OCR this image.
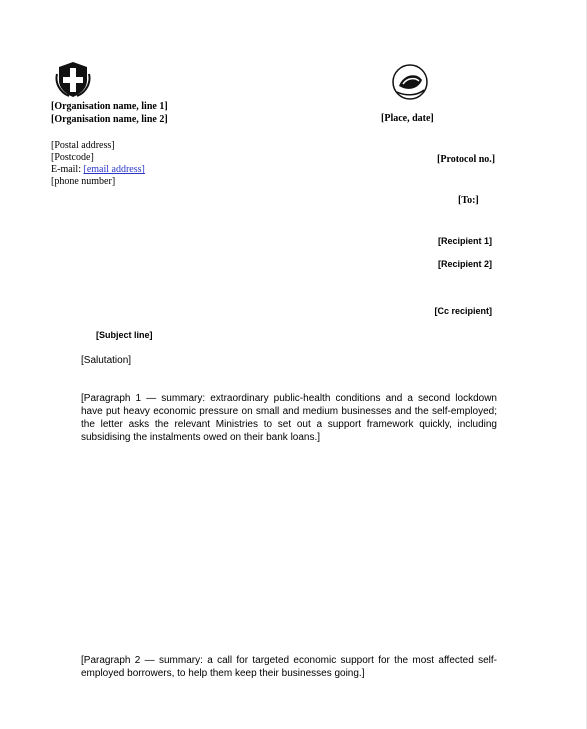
[Organisation name, line 1]
[Organisation name, line 2]	[Place, date]
[Postal address]
[Postcode]
E-mail: [email address]
[phone number]
[Protocol no.]
[To:]
[Recipient 1]
[Recipient 2]
[Cc recipient]
[Subject line]
[Salutation]

[Paragraph 1 — summary: extraordinary public-health conditions and a second lockdown have put heavy economic pressure on small and medium businesses and the self-employed; the letter asks the relevant Ministries to set out a support framework quickly, including subsidising the instalments owed on their bank loans.]

[Paragraph 2 — summary: a call for targeted economic support for the most affected self-employed borrowers, to help them keep their businesses going.]
